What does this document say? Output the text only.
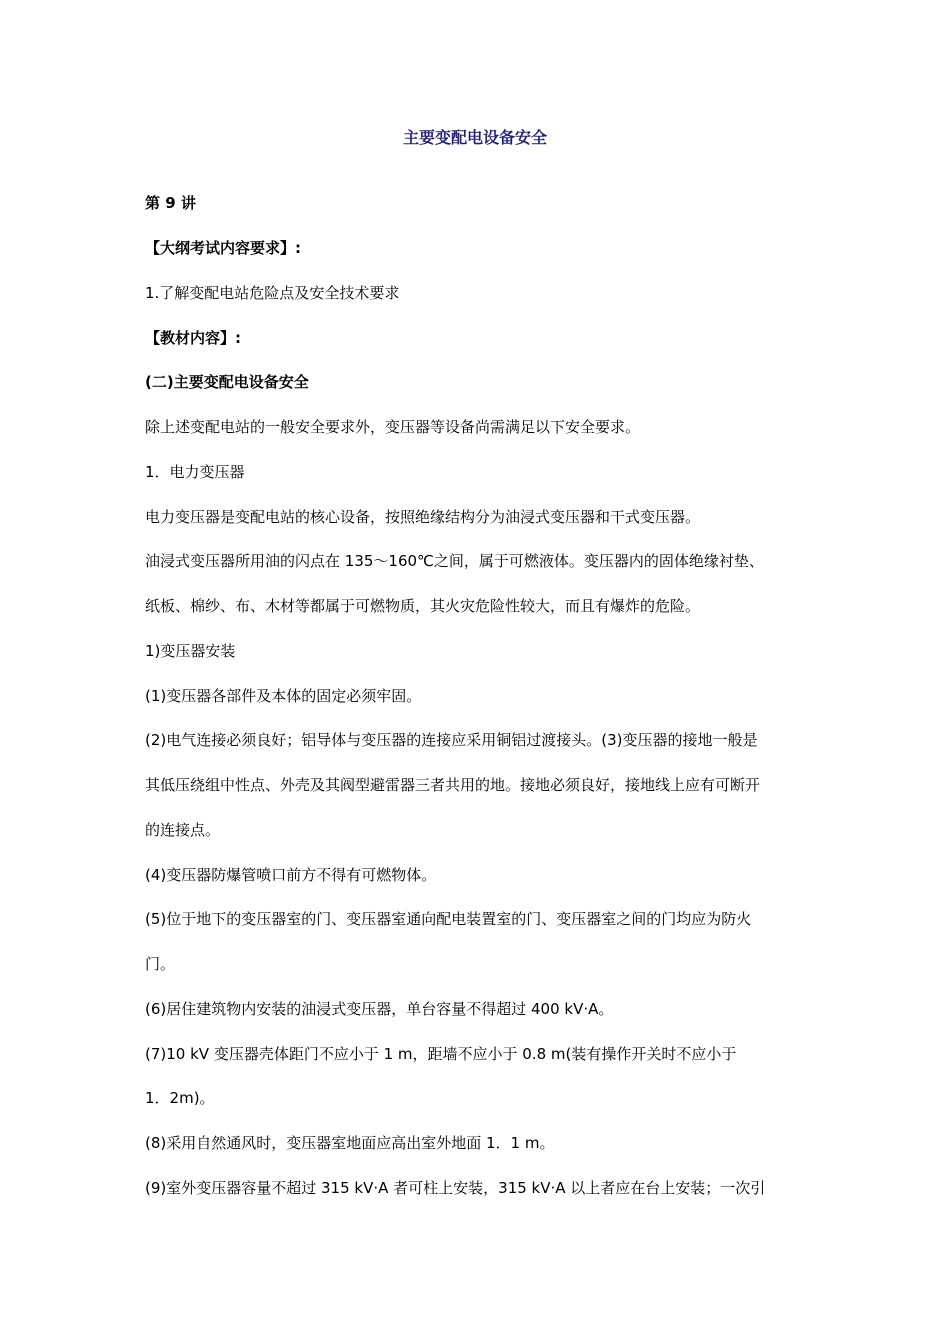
主要变配电设备安全
第 9 讲
【大纲考试内容要求】:
1.了解变配电站危险点及安全技术要求
【教材内容】:
(二)主要变配电设备安全
除上述变配电站的一般安全要求外，变压器等设备尚需满足以下安全要求。
1．电力变压器
电力变压器是变配电站的核心设备，按照绝缘结构分为油浸式变压器和干式变压器。
油浸式变压器所用油的闪点在 135～160℃之间，属于可燃液体。变压器内的固体绝缘衬垫、
纸板、棉纱、布、木材等都属于可燃物质，其火灾危险性较大，而且有爆炸的危险。
1)变压器安装
(1)变压器各部件及本体的固定必须牢固。
(2)电气连接必须良好；铝导体与变压器的连接应采用铜铝过渡接头。(3)变压器的接地一般是
其低压绕组中性点、外壳及其阀型避雷器三者共用的地。接地必须良好，接地线上应有可断开
的连接点。
(4)变压器防爆管喷口前方不得有可燃物体。
(5)位于地下的变压器室的门、变压器室通向配电装置室的门、变压器室之间的门均应为防火
门。
(6)居住建筑物内安装的油浸式变压器，单台容量不得超过 400 kV·A。
(7)10 kV 变压器壳体距门不应小于 1 m，距墙不应小于 0.8 m(装有操作开关时不应小于
1．2m)。
(8)采用自然通风时，变压器室地面应高出室外地面 1．1 m。
(9)室外变压器容量不超过 315 kV·A 者可柱上安装，315 kV·A 以上者应在台上安装；一次引
